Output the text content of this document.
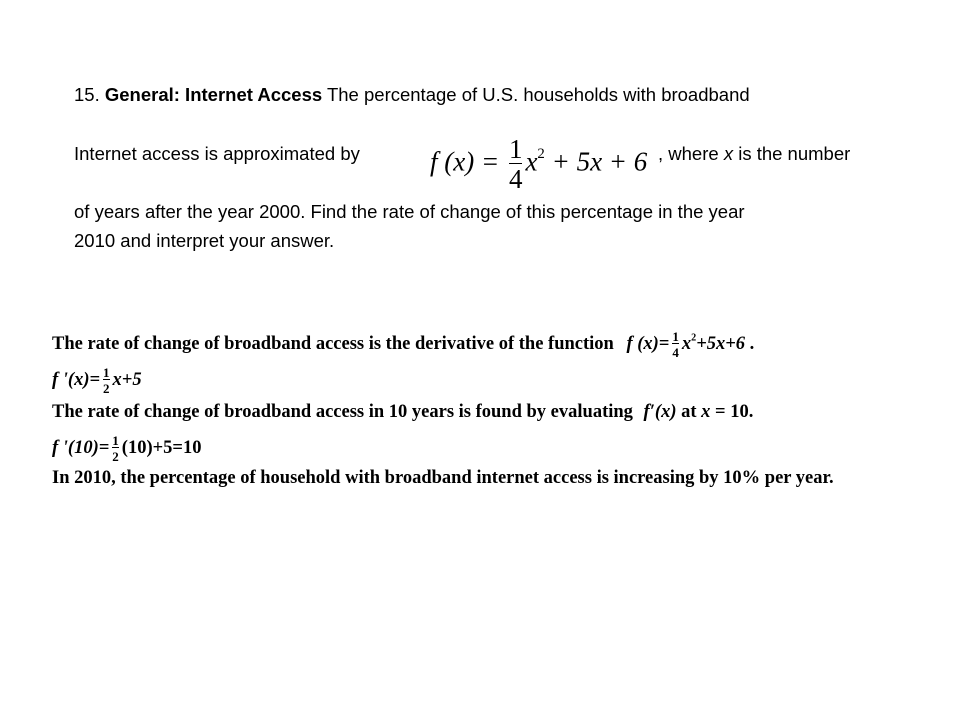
15. General: Internet Access The percentage of U.S. households with broadband
Internet access is approximated by	, where x is the number
of years after the year 2000. Find the rate of change of this percentage in the year
2010 and interpret your answer.
f $(x) = \frac{1}{4} x^2 + 5x + 6$
The rate of change of broadband access is the derivative of the function f $(x)= \frac{1}{4} x^2+5x+6$ .
f '$(x)= \frac{1}{2} x+5$
The rate of change of broadband access in 10 years is found by evaluating f′(x) at x = 10.
f '$(10)= \frac{1}{2} (10)+5=10$
In 2010, the percentage of household with broadband internet access is increasing by 10% per year.
